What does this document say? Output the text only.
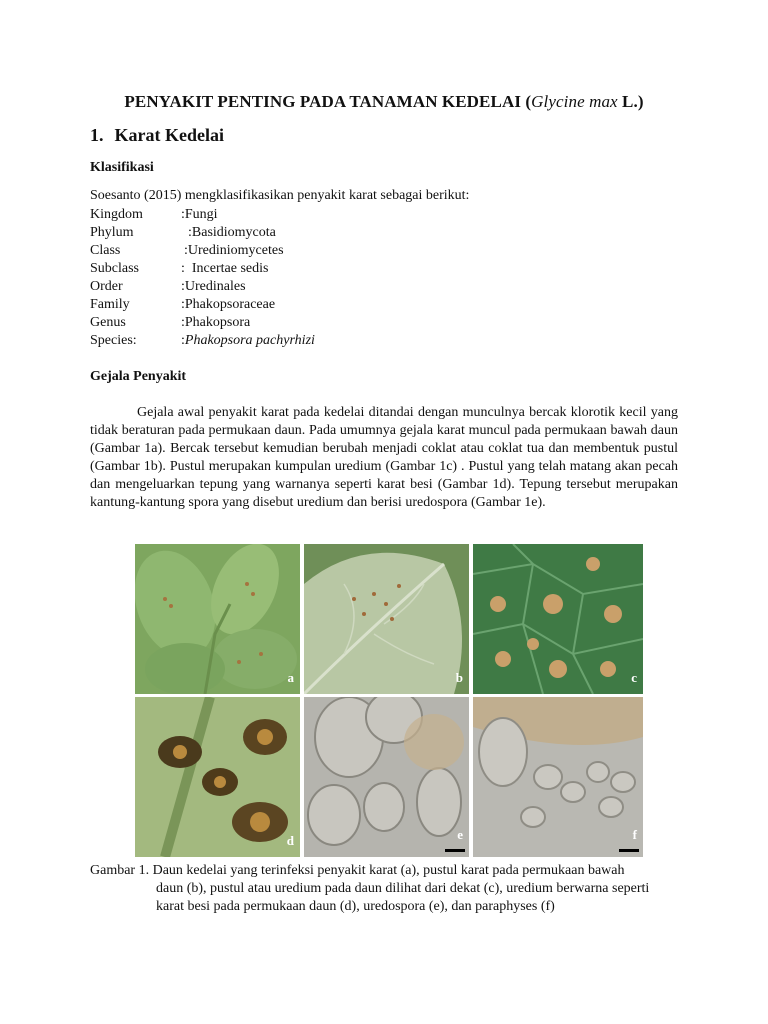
PENYAKIT PENTING PADA TANAMAN KEDELAI (Glycine max L.)
1. Karat Kedelai
Klasifikasi
Soesanto (2015) mengklasifikasikan penyakit karat sebagai berikut:
Kingdom	:Fungi
Phylum	:Basidiomycota
Class	:Urediniomycetes
Subclass	:  Incertae sedis
Order	:Uredinales
Family	:Phakopsoraceae
Genus	:Phakopsora
Species:	:Phakopsora pachyrhizi
Gejala Penyakit

Gejala awal penyakit karat pada kedelai ditandai dengan munculnya bercak klorotik kecil yang tidak beraturan pada permukaan daun. Pada umumnya gejala karat muncul pada permukaan bawah daun (Gambar 1a). Bercak tersebut kemudian berubah menjadi coklat atau coklat tua dan membentuk pustul (Gambar 1b). Pustul merupakan kumpulan uredium (Gambar 1c) . Pustul yang telah matang akan pecah dan mengeluarkan tepung yang warnanya seperti karat besi (Gambar 1d). Tepung tersebut merupakan kantung-kantung spora yang disebut uredium dan berisi uredospora (Gambar 1e).

a	b	c
d	e	f
Gambar 1. Daun kedelai yang terinfeksi penyakit karat (a), pustul karat pada permukaan bawah
daun (b), pustul atau uredium pada daun dilihat dari dekat (c), uredium berwarna seperti
karat besi pada permukaan daun (d), uredospora (e), dan paraphyses (f)
